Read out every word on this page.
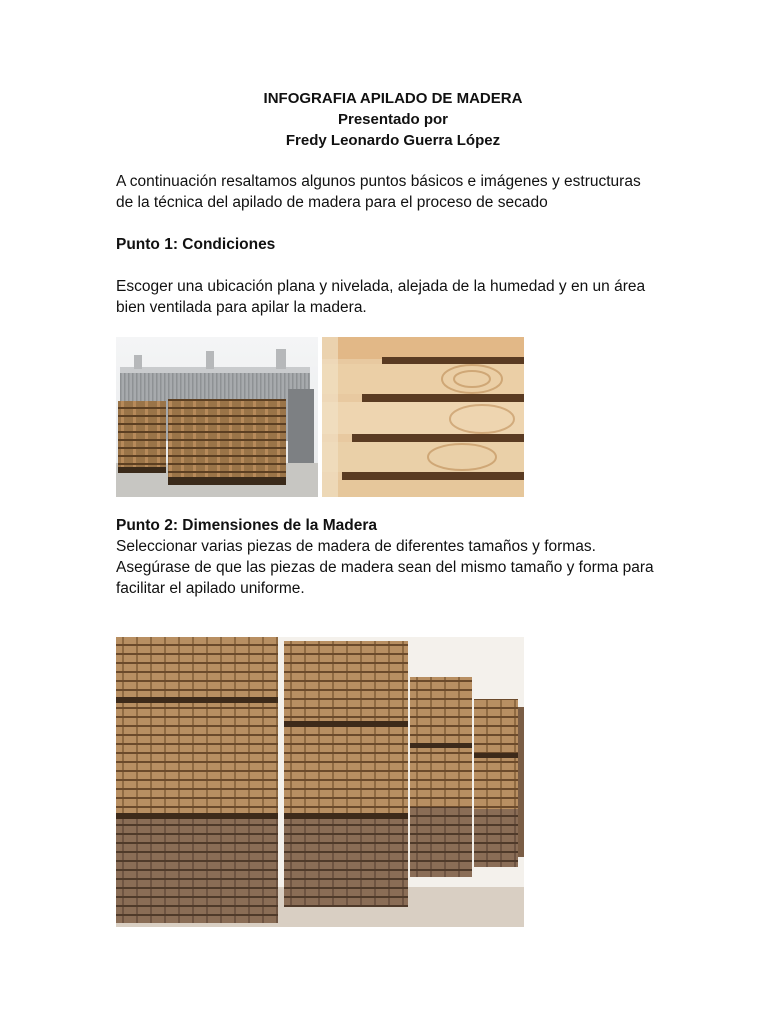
INFOGRAFIA APILADO DE MADERA
Presentado por
Fredy Leonardo Guerra López
A continuación resaltamos algunos puntos básicos e imágenes y estructuras de la técnica del apilado de madera para el proceso de secado
Punto 1: Condiciones
Escoger una ubicación plana y nivelada, alejada de la humedad y en un área bien ventilada para apilar la madera.
Punto 2: Dimensiones de la Madera
Seleccionar varias piezas de madera de diferentes tamaños y formas. Asegúrase de que las piezas de madera sean del mismo tamaño y forma para facilitar el apilado uniforme.
